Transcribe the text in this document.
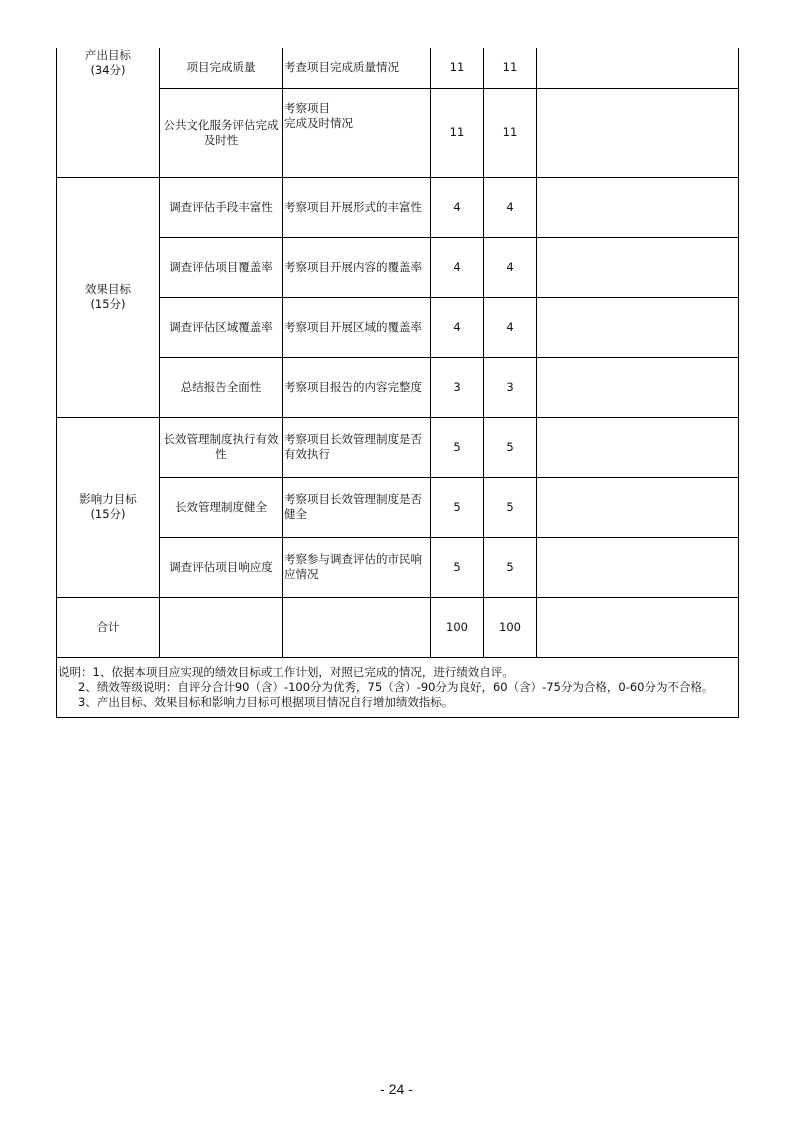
产出目标
(34分)	项目完成质量	考查项目完成质量情况	11	11	
	公共文化服务评估完成及时性	考察项目
完成及时情况	11	11	

效果目标
(15分)	调查评估手段丰富性	考察项目开展形式的丰富性	4	4	
	调查评估项目覆盖率	考察项目开展内容的覆盖率	4	4	
	调查评估区域覆盖率	考察项目开展区域的覆盖率	4	4	
	总结报告全面性	考察项目报告的内容完整度	3	3	

影响力目标
(15分)	长效管理制度执行有效性	考察项目长效管理制度是否有效执行	5	5	
	长效管理制度健全	考察项目长效管理制度是否健全	5	5	
	调查评估项目响应度	考察参与调查评估的市民响应情况	5	5	
合计			100	100	

说明：1、依据本项目应实现的绩效目标或工作计划，对照已完成的情况，进行绩效自评。
2、绩效等级说明：自评分合计90（含）-100分为优秀，75（含）-90分为良好，60（含）-75分为合格，0-60分为不合格。
3、产出目标、效果目标和影响力目标可根据项目情况自行增加绩效指标。					
- 24 -
